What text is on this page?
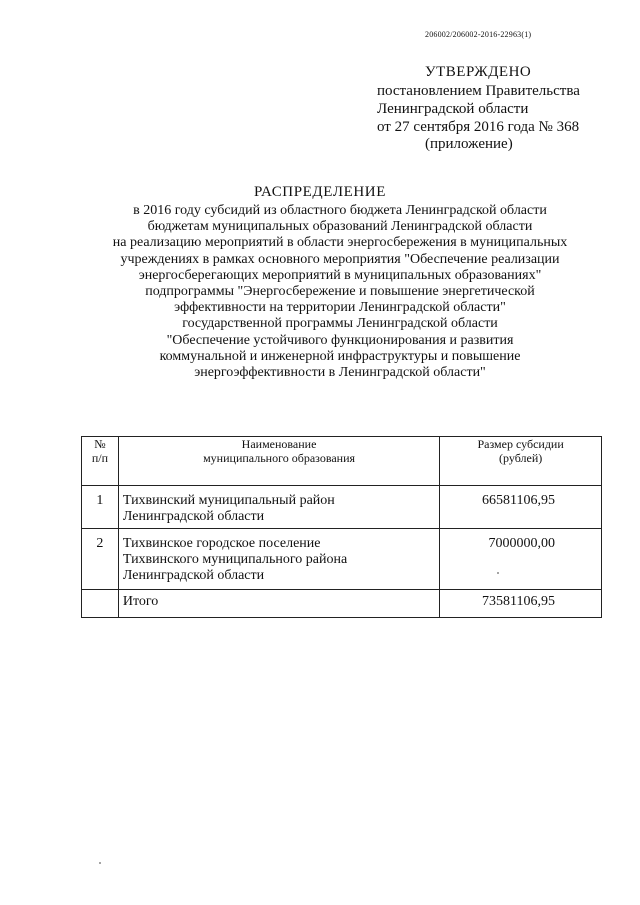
206002/206002-2016-22963(1)
УТВЕРЖДЕНО
постановлением Правительства
Ленинградской области
от 27 сентября 2016 года № 368
(приложение)
РАСПРЕДЕЛЕНИЕ
в 2016 году субсидий из областного бюджета Ленинградской области
бюджетам муниципальных образований Ленинградской области
на реализацию мероприятий в области энергосбережения в муниципальных
учреждениях в рамках основного мероприятия "Обеспечение реализации
энергосберегающих мероприятий в муниципальных образованиях"
подпрограммы "Энергосбережение и повышение энергетической
эффективности на территории Ленинградской области"
государственной программы Ленинградской области
"Обеспечение устойчивого функционирования и развития
коммунальной и инженерной инфраструктуры и повышение
энергоэффективности в Ленинградской области"
№
п/п	Наименование
муниципального образования	Размер субсидии
(рублей)

1	Тихвинский муниципальный район
Ленинградской области	66581106,95
2	Тихвинское городское поселение
Тихвинского муниципального района
Ленинградской области	7000000,00
	Итого	73581106,95
